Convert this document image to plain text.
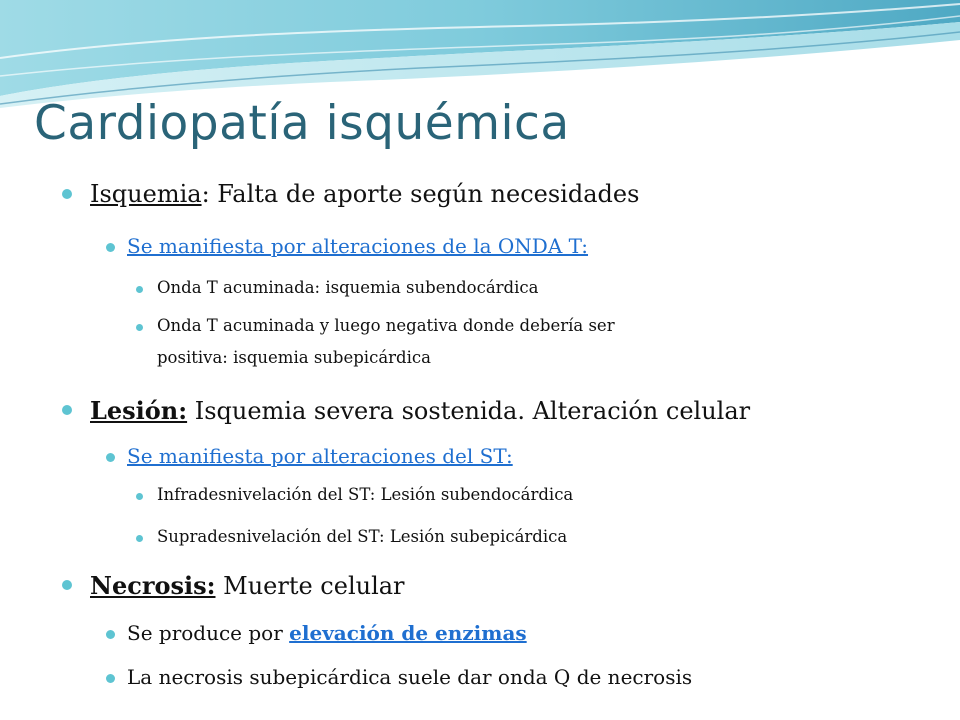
Cardiopatía isquémica
Isquemia: Falta de aporte según necesidades
Se manifiesta por alteraciones de la ONDA T:
Onda T acuminada: isquemia subendocárdica
Onda T acuminada y luego negativa donde debería ser
positiva: isquemia subepicárdica
Lesión: Isquemia severa sostenida. Alteración celular
Se manifiesta por alteraciones del ST:
Infradesnivelación del ST: Lesión subendocárdica
Supradesnivelación del ST: Lesión subepicárdica
Necrosis: Muerte celular
Se produce por elevación de enzimas
La necrosis subepicárdica suele dar onda Q de necrosis
